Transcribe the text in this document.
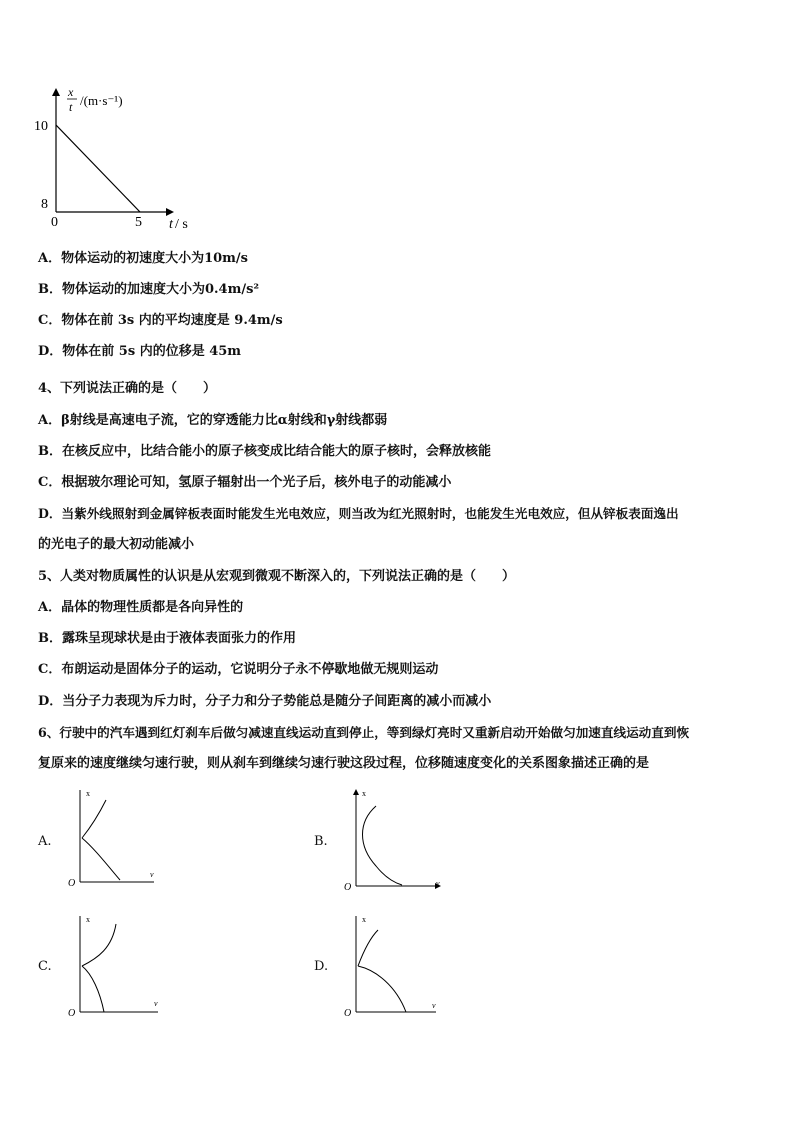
x
t /(m·s⁻¹)
10
8
0	5 t / s
A．物体运动的初速度大小为10m/s
B．物体运动的加速度大小为0.4m/s²
C．物体在前 3s 内的平均速度是 9.4m/s
D．物体在前 5s 内的位移是 45m
4、下列说法正确的是（　　）
A．β射线是高速电子流，它的穿透能力比α射线和γ射线都弱
B．在核反应中，比结合能小的原子核变成比结合能大的原子核时，会释放核能
C．根据玻尔理论可知，氢原子辐射出一个光子后，核外电子的动能减小
D．当紫外线照射到金属锌板表面时能发生光电效应，则当改为红光照射时，也能发生光电效应，但从锌板表面逸出
的光电子的最大初动能减小
5、人类对物质属性的认识是从宏观到微观不断深入的，下列说法正确的是（　　）
A．晶体的物理性质都是各向异性的
B．露珠呈现球状是由于液体表面张力的作用
C．布朗运动是固体分子的运动，它说明分子永不停歇地做无规则运动
D．当分子力表现为斥力时，分子力和分子势能总是随分子间距离的减小而减小
6、行驶中的汽车遇到红灯刹车后做匀减速直线运动直到停止，等到绿灯亮时又重新启动开始做匀加速直线运动直到恢
复原来的速度继续匀速行驶，则从刹车到继续匀速行驶这段过程，位移随速度变化的关系图象描述正确的是
A.	B.
C.	D.
x
v
O
x
v
O
x
v
O
x
v
O
